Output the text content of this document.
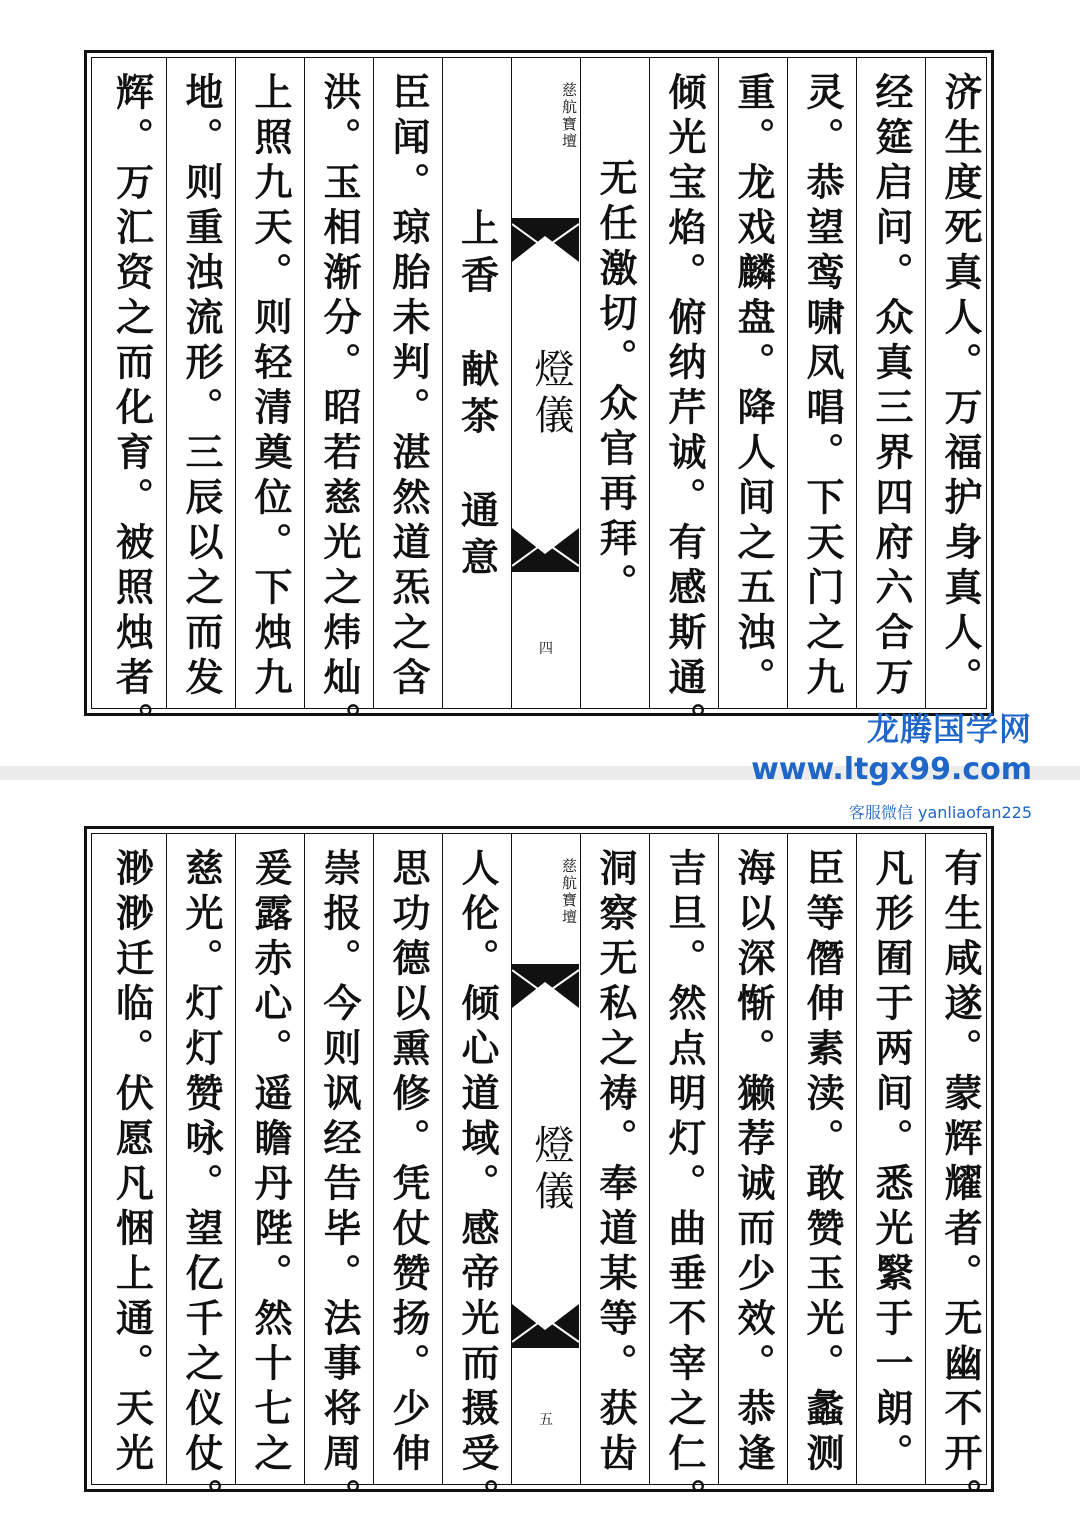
济生度死真人。万福护身真人。
经筵启问。众真三界四府六合万
灵。恭望鸾啸凤唱。下天门之九
重。龙戏麟盘。降人间之五浊。
倾光宝焰。俯纳芹诚。有感斯通。
无任激切。众官再拜。
慈航寶壇
燈儀
四
上香　献茶　通意
臣闻。琼胎未判。湛然道炁之含
洪。玉相渐分。昭若慈光之炜灿。
上照九天。则轻清奠位。下烛九
地。则重浊流形。三辰以之而发
辉。万汇资之而化育。被照烛者。	龙腾国学网
www.ltgx99.com
客服微信 yanliaofan225
有生咸遂。蒙辉耀者。无幽不开。
凡形囿于两间。悉光繄于一朗。
臣等僭伸素渎。敢赞玉光。蠡测
海以深惭。獭荐诚而少效。恭逢
吉旦。然点明灯。曲垂不宰之仁。
洞察无私之祷。奉道某等。获齿
慈航寶壇
燈儀
五
人伦。倾心道域。感帝光而摄受。
思功德以熏修。凭仗赞扬。少伸
崇报。今则讽经告毕。法事将周。
爰露赤心。遥瞻丹陛。然十七之
慈光。灯灯赞咏。望亿千之仪仗。
渺渺迁临。伏愿凡悃上通。天光
